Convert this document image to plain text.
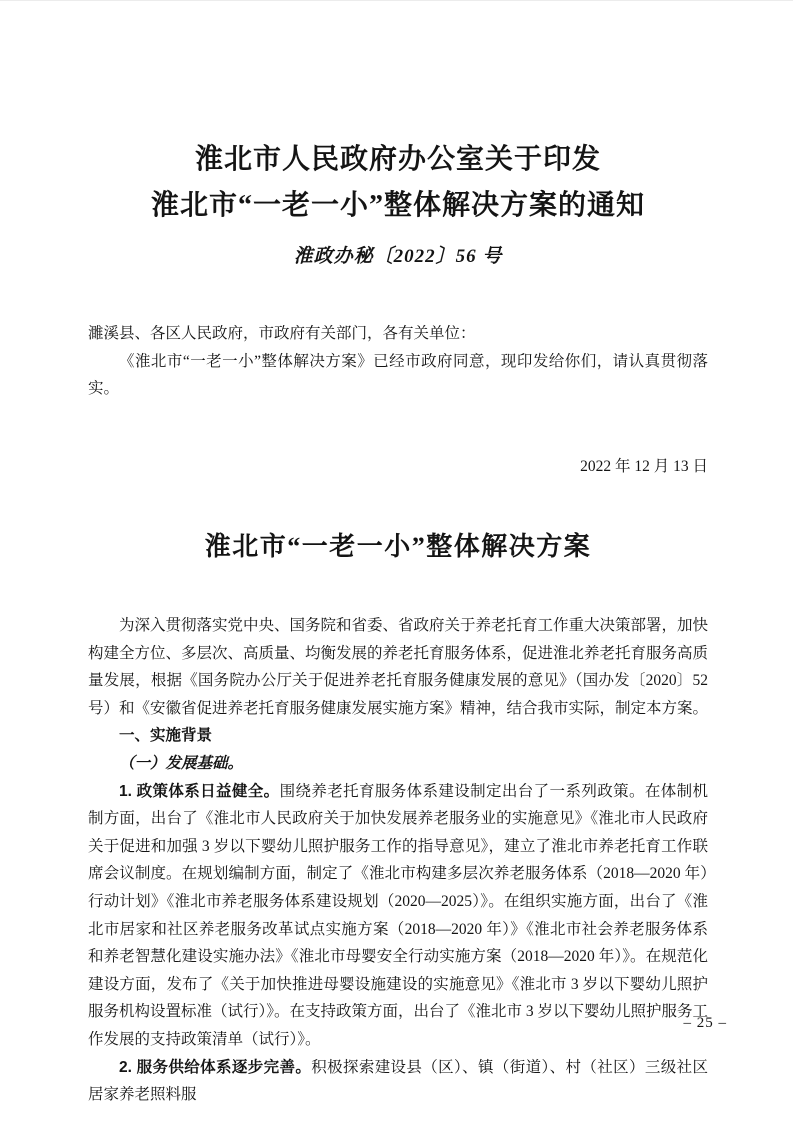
淮北市人民政府办公室关于印发
淮北市“一老一小”整体解决方案的通知
淮政办秘〔2022〕56 号
濉溪县、各区人民政府，市政府有关部门，各有关单位：
《淮北市“一老一小”整体解决方案》已经市政府同意，现印发给你们，请认真贯彻落实。
2022 年 12 月 13 日
淮北市“一老一小”整体解决方案

为深入贯彻落实党中央、国务院和省委、省政府关于养老托育工作重大决策部署，加快构建全方位、多层次、高质量、均衡发展的养老托育服务体系，促进淮北养老托育服务高质量发展，根据《国务院办公厅关于促进养老托育服务健康发展的意见》（国办发〔2020〕52 号）和《安徽省促进养老托育服务健康发展实施方案》精神，结合我市实际，制定本方案。

一、实施背景

（一）发展基础。

1. 政策体系日益健全。围绕养老托育服务体系建设制定出台了一系列政策。在体制机制方面，出台了《淮北市人民政府关于加快发展养老服务业的实施意见》《淮北市人民政府关于促进和加强 3 岁以下婴幼儿照护服务工作的指导意见》，建立了淮北市养老托育工作联席会议制度。在规划编制方面，制定了《淮北市构建多层次养老服务体系（2018—2020 年）行动计划》《淮北市养老服务体系建设规划（2020—2025）》。在组织实施方面，出台了《淮北市居家和社区养老服务改革试点实施方案（2018—2020 年）》《淮北市社会养老服务体系和养老智慧化建设实施办法》《淮北市母婴安全行动实施方案（2018—2020 年）》。在规范化建设方面，发布了《关于加快推进母婴设施建设的实施意见》《淮北市 3 岁以下婴幼儿照护服务机构设置标准（试行）》。在支持政策方面，出台了《淮北市 3 岁以下婴幼儿照护服务工作发展的支持政策清单（试行）》。

2. 服务供给体系逐步完善。积极探索建设县（区）、镇（街道）、村（社区）三级社区居家养老照料服

– 25 –
